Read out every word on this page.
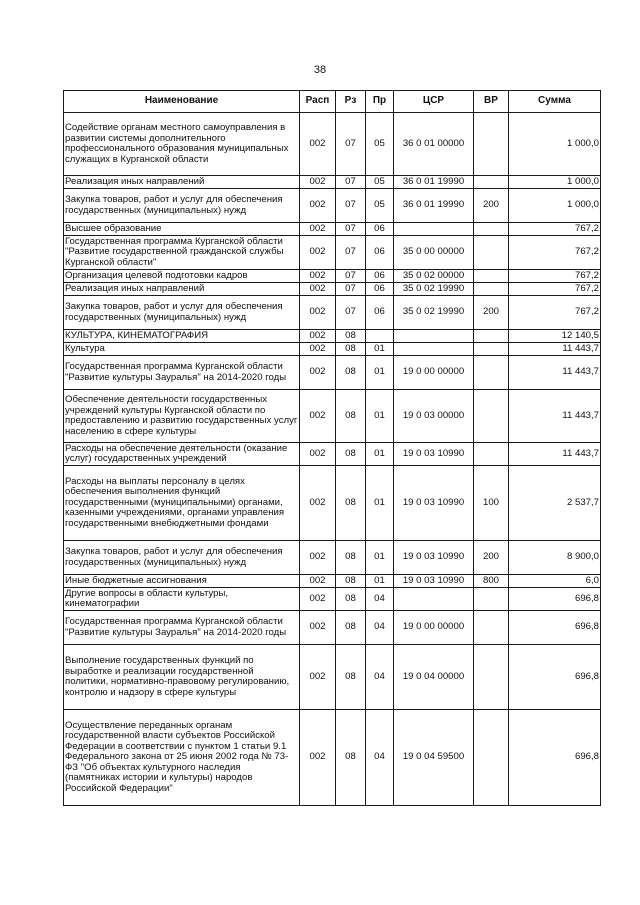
38
Наименование	Расп	Рз	Пр	ЦСР	ВР	Сумма
Содействие органам местного самоуправления в развитии системы дополнительного профессионального образования муниципальных служащих в Курганской области	002	07	05	36 0 01 00000		1 000,0
Реализация иных направлений	002	07	05	36 0 01 19990		1 000,0
Закупка товаров, работ и услуг для обеспечения государственных (муниципальных) нужд	002	07	05	36 0 01 19990	200	1 000,0
Высшее образование	002	07	06			767,2
Государственная программа Курганской области "Развитие государственной гражданской службы Курганской области"	002	07	06	35 0 00 00000		767,2
Организация целевой подготовки кадров	002	07	06	35 0 02 00000		767,2
Реализация иных направлений	002	07	06	35 0 02 19990		767,2
Закупка товаров, работ и услуг для обеспечения государственных (муниципальных) нужд	002	07	06	35 0 02 19990	200	767,2
КУЛЬТУРА, КИНЕМАТОГРАФИЯ	002	08				12 140,5
Культура	002	08	01			11 443,7
Государственная программа Курганской области "Развитие культуры Зауралья" на 2014-2020 годы	002	08	01	19 0 00 00000		11 443,7
Обеспечение деятельности государственных учреждений культуры Курганской области по предоставлению и развитию государственных услуг населению в сфере культуры	002	08	01	19 0 03 00000		11 443,7
Расходы на обеспечение деятельности (оказание услуг) государственных учреждений	002	08	01	19 0 03 10990		11 443,7
Расходы на выплаты персоналу в целях обеспечения выполнения функций государственными (муниципальными) органами, казенными учреждениями, органами управления государственными внебюджетными фондами	002	08	01	19 0 03 10990	100	2 537,7
Закупка товаров, работ и услуг для обеспечения государственных (муниципальных) нужд	002	08	01	19 0 03 10990	200	8 900,0
Иные бюджетные ассигнования	002	08	01	19 0 03 10990	800	6,0
Другие вопросы в области культуры, кинематографии	002	08	04			696,8
Государственная программа Курганской области "Развитие культуры Зауралья" на 2014-2020 годы	002	08	04	19 0 00 00000		696,8
Выполнение государственных функций по выработке и реализации государственной политики, нормативно-правовому регулированию, контролю и надзору в сфере культуры	002	08	04	19 0 04 00000		696,8
Осуществление переданных органам государственной власти субъектов Российской Федерации в соответствии с пунктом 1 статьи 9.1 Федерального закона от 25 июня 2002 года № 73-ФЗ "Об объектах культурного наследия (памятниках истории и культуры) народов Российской Федерации"	002	08	04	19 0 04 59500		696,8
